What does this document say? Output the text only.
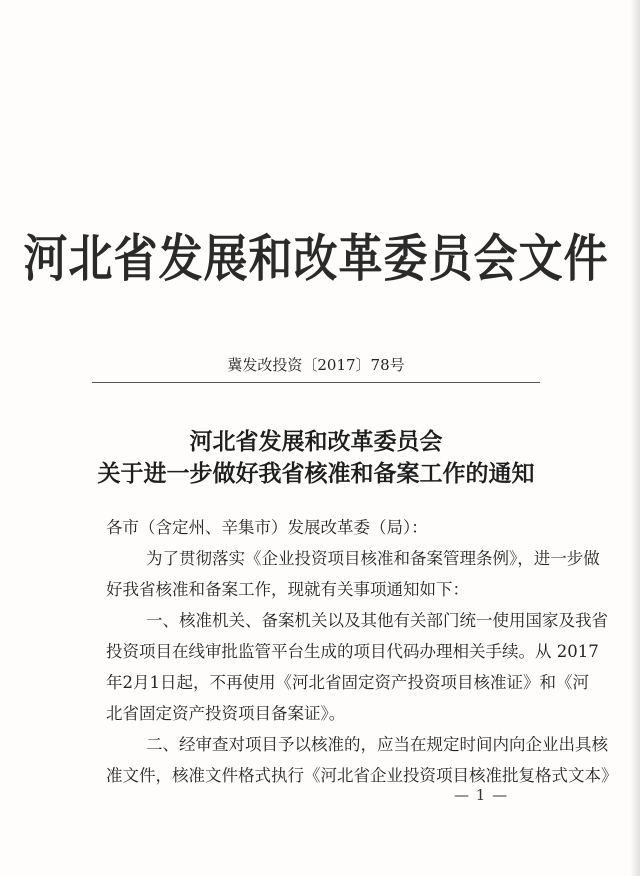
河北省发展和改革委员会文件
冀发改投资〔2017〕78号
河北省发展和改革委员会
关于进一步做好我省核准和备案工作的通知
各市（含定州、辛集市）发展改革委（局）：
为了贯彻落实《企业投资项目核准和备案管理条例》，进一步做
好我省核准和备案工作，现就有关事项通知如下：
一、核准机关、备案机关以及其他有关部门统一使用国家及我省
投资项目在线审批监管平台生成的项目代码办理相关手续。从 2017
年2月1日起，不再使用《河北省固定资产投资项目核准证》和《河
北省固定资产投资项目备案证》。
二、经审查对项目予以核准的，应当在规定时间内向企业出具核
准文件，核准文件格式执行《河北省企业投资项目核准批复格式文本》
— 1 —
